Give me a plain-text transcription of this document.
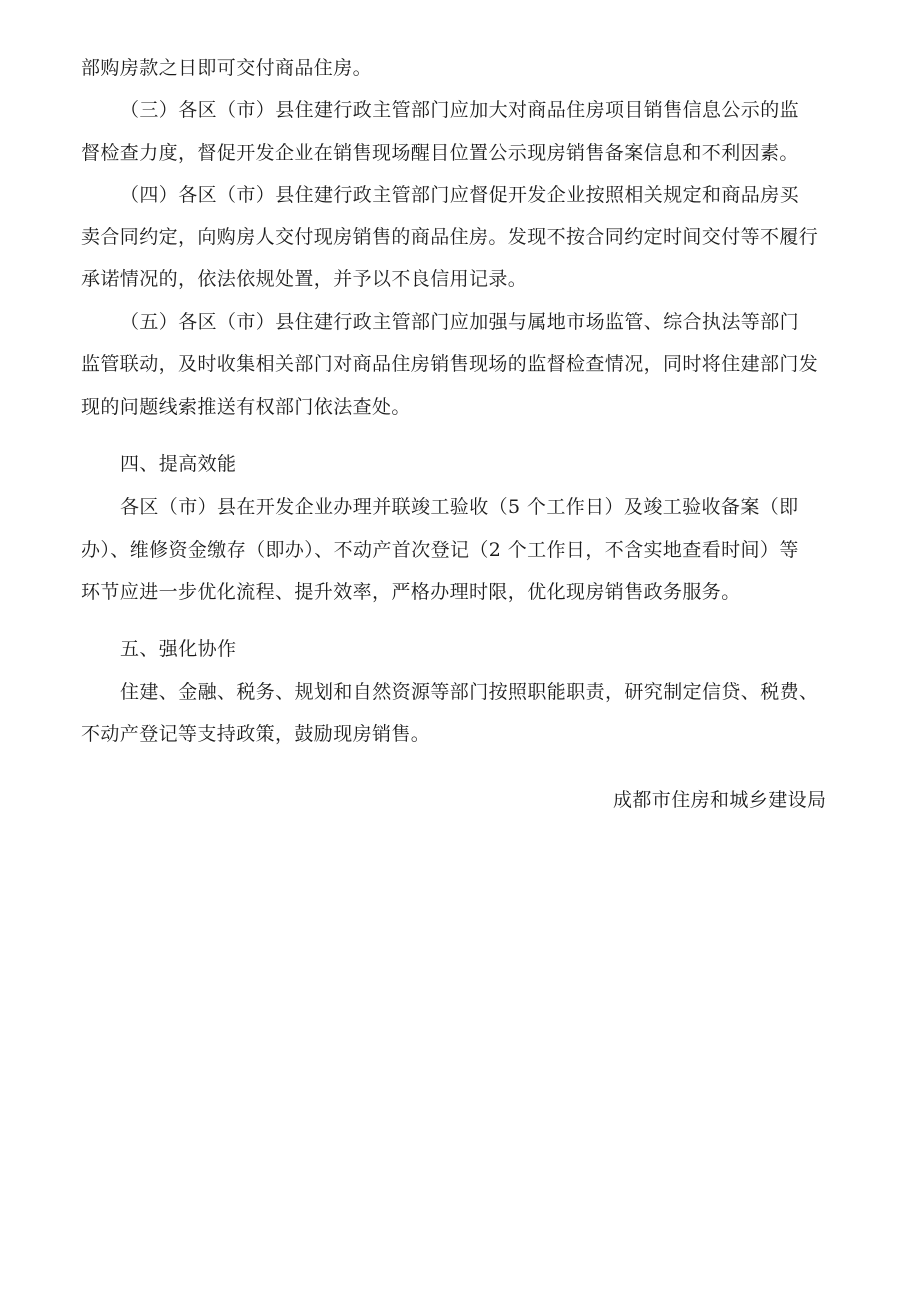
部购房款之日即可交付商品住房。

（三）各区（市）县住建行政主管部门应加大对商品住房项目销售信息公示的监

督检查力度，督促开发企业在销售现场醒目位置公示现房销售备案信息和不利因素。

（四）各区（市）县住建行政主管部门应督促开发企业按照相关规定和商品房买

卖合同约定，向购房人交付现房销售的商品住房。发现不按合同约定时间交付等不履行

承诺情况的，依法依规处置，并予以不良信用记录。

（五）各区（市）县住建行政主管部门应加强与属地市场监管、综合执法等部门

监管联动，及时收集相关部门对商品住房销售现场的监督检查情况，同时将住建部门发

现的问题线索推送有权部门依法查处。

四、提高效能

各区（市）县在开发企业办理并联竣工验收（5 个工作日）及竣工验收备案（即

办）、维修资金缴存（即办）、不动产首次登记（2 个工作日，不含实地查看时间）等

环节应进一步优化流程、提升效率，严格办理时限，优化现房销售政务服务。

五、强化协作

住建、金融、税务、规划和自然资源等部门按照职能职责，研究制定信贷、税费、

不动产登记等支持政策，鼓励现房销售。

成都市住房和城乡建设局
